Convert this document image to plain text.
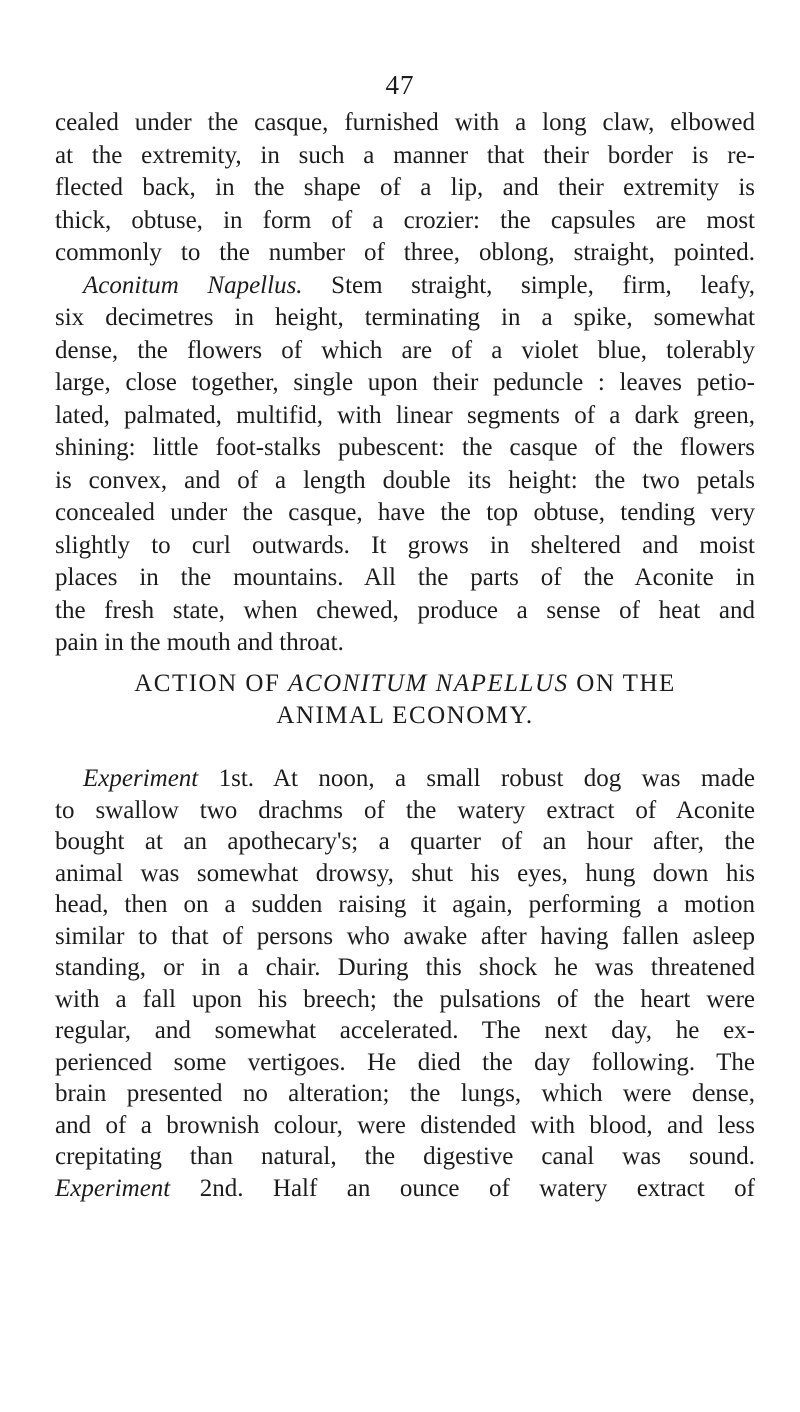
47
cealed under the casque, furnished with a long claw, elbowed
at the extremity, in such a manner that their border is re-
flected back, in the shape of a lip, and their extremity is
thick, obtuse, in form of a crozier: the capsules are most
commonly to the number of three, oblong, straight, pointed.
Aconitum Napellus. Stem straight, simple, firm, leafy,
six decimetres in height, terminating in a spike, somewhat
dense, the flowers of which are of a violet blue, tolerably
large, close together, single upon their peduncle : leaves petio-
lated, palmated, multifid, with linear segments of a dark green,
shining: little foot-stalks pubescent: the casque of the flowers
is convex, and of a length double its height: the two petals
concealed under the casque, have the top obtuse, tending very
slightly to curl outwards. It grows in sheltered and moist
places in the mountains. All the parts of the Aconite in
the fresh state, when chewed, produce a sense of heat and
pain in the mouth and throat.
ACTION OF ACONITUM NAPELLUS ON THE
ANIMAL ECONOMY.
Experiment 1st. At noon, a small robust dog was made
to swallow two drachms of the watery extract of Aconite
bought at an apothecary's; a quarter of an hour after, the
animal was somewhat drowsy, shut his eyes, hung down his
head, then on a sudden raising it again, performing a motion
similar to that of persons who awake after having fallen asleep
standing, or in a chair. During this shock he was threatened
with a fall upon his breech; the pulsations of the heart were
regular, and somewhat accelerated. The next day, he ex-
perienced some vertigoes. He died the day following. The
brain presented no alteration; the lungs, which were dense,
and of a brownish colour, were distended with blood, and less
crepitating than natural, the digestive canal was sound.
Experiment 2nd. Half an ounce of watery extract of
